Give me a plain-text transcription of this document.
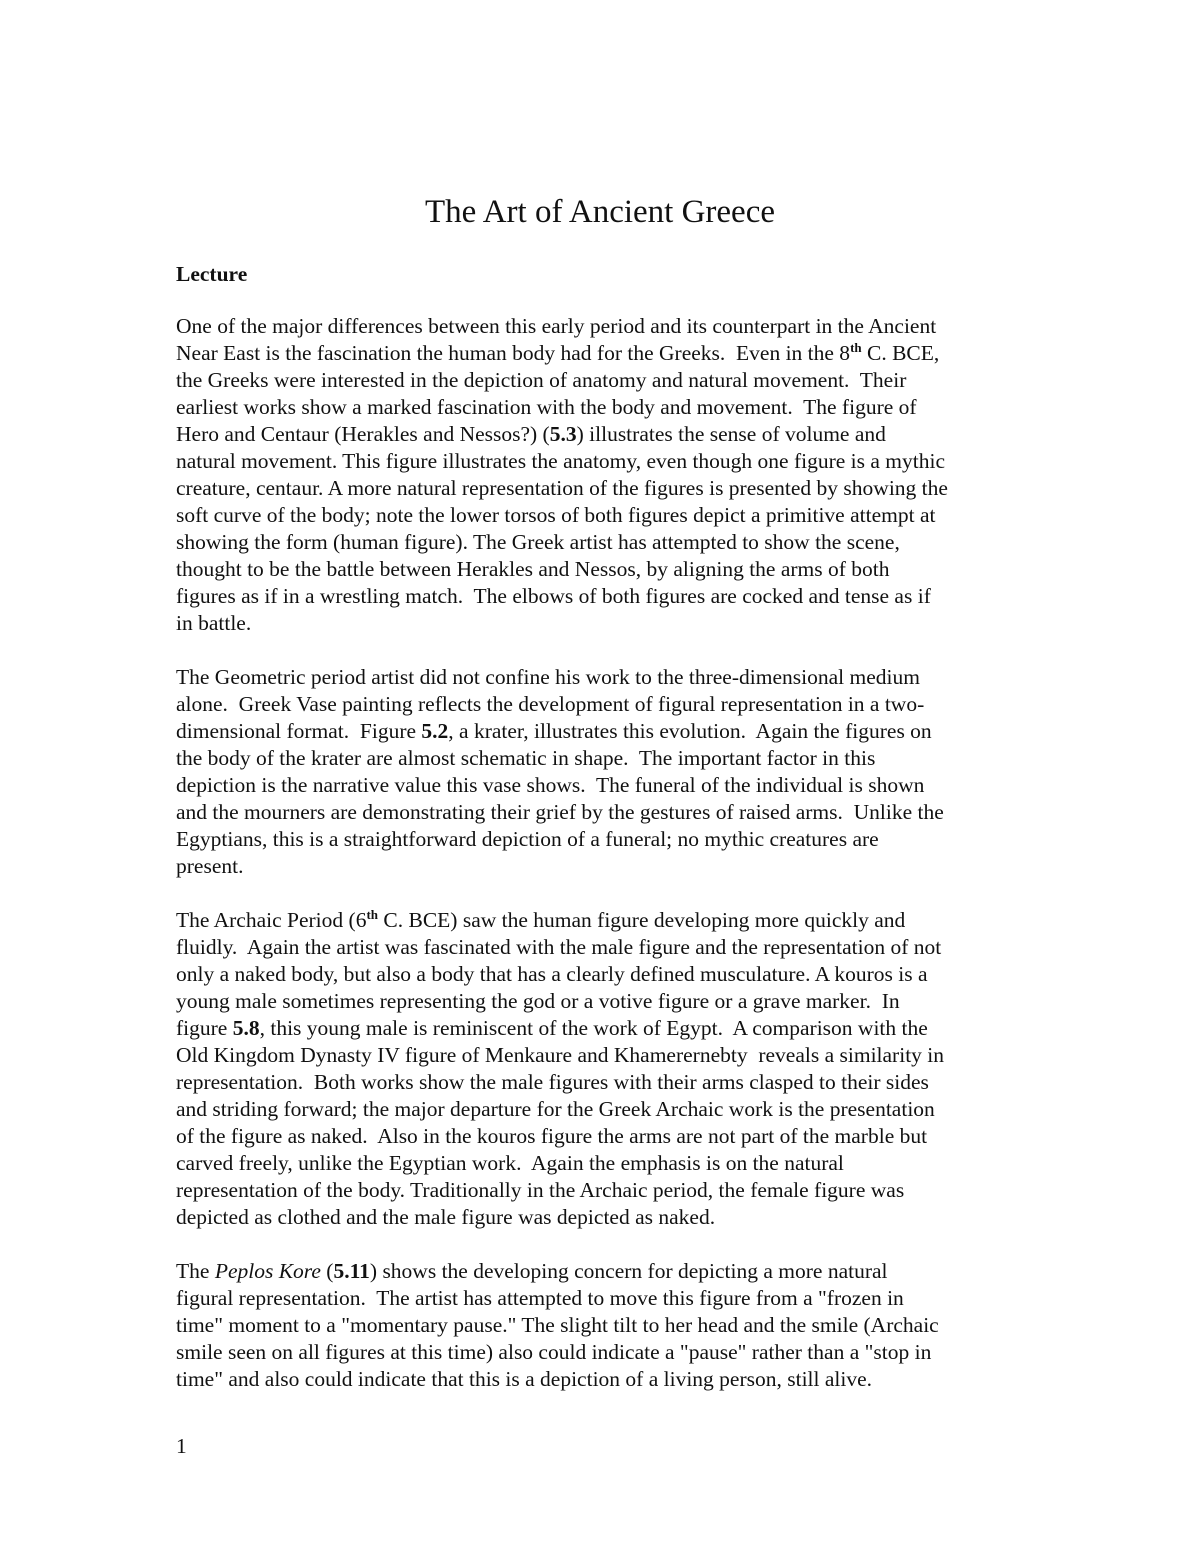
The Art of Ancient Greece
Lecture

One of the major differences between this early period and its counterpart in the Ancient
Near East is the fascination the human body had for the Greeks.  Even in the 8th C. BCE,
the Greeks were interested in the depiction of anatomy and natural movement.  Their
earliest works show a marked fascination with the body and movement.  The figure of
Hero and Centaur (Herakles and Nessos?) (5.3) illustrates the sense of volume and
natural movement. This figure illustrates the anatomy, even though one figure is a mythic
creature, centaur. A more natural representation of the figures is presented by showing the
soft curve of the body; note the lower torsos of both figures depict a primitive attempt at
showing the form (human figure). The Greek artist has attempted to show the scene,
thought to be the battle between Herakles and Nessos, by aligning the arms of both
figures as if in a wrestling match.  The elbows of both figures are cocked and tense as if
in battle.

The Geometric period artist did not confine his work to the three-dimensional medium
alone.  Greek Vase painting reflects the development of figural representation in a two-
dimensional format.  Figure 5.2, a krater, illustrates this evolution.  Again the figures on
the body of the krater are almost schematic in shape.  The important factor in this
depiction is the narrative value this vase shows.  The funeral of the individual is shown
and the mourners are demonstrating their grief by the gestures of raised arms.  Unlike the
Egyptians, this is a straightforward depiction of a funeral; no mythic creatures are
present.

The Archaic Period (6th C. BCE) saw the human figure developing more quickly and
fluidly.  Again the artist was fascinated with the male figure and the representation of not
only a naked body, but also a body that has a clearly defined musculature. A kouros is a
young male sometimes representing the god or a votive figure or a grave marker.  In
figure 5.8, this young male is reminiscent of the work of Egypt.  A comparison with the
Old Kingdom Dynasty IV figure of Menkaure and Khamerernebty  reveals a similarity in
representation.  Both works show the male figures with their arms clasped to their sides
and striding forward; the major departure for the Greek Archaic work is the presentation
of the figure as naked.  Also in the kouros figure the arms are not part of the marble but
carved freely, unlike the Egyptian work.  Again the emphasis is on the natural
representation of the body. Traditionally in the Archaic period, the female figure was
depicted as clothed and the male figure was depicted as naked.

The Peplos Kore (5.11) shows the developing concern for depicting a more natural
figural representation.  The artist has attempted to move this figure from a "frozen in
time" moment to a "momentary pause." The slight tilt to her head and the smile (Archaic
smile seen on all figures at this time) also could indicate a "pause" rather than a "stop in
time" and also could indicate that this is a depiction of a living person, still alive.

1
